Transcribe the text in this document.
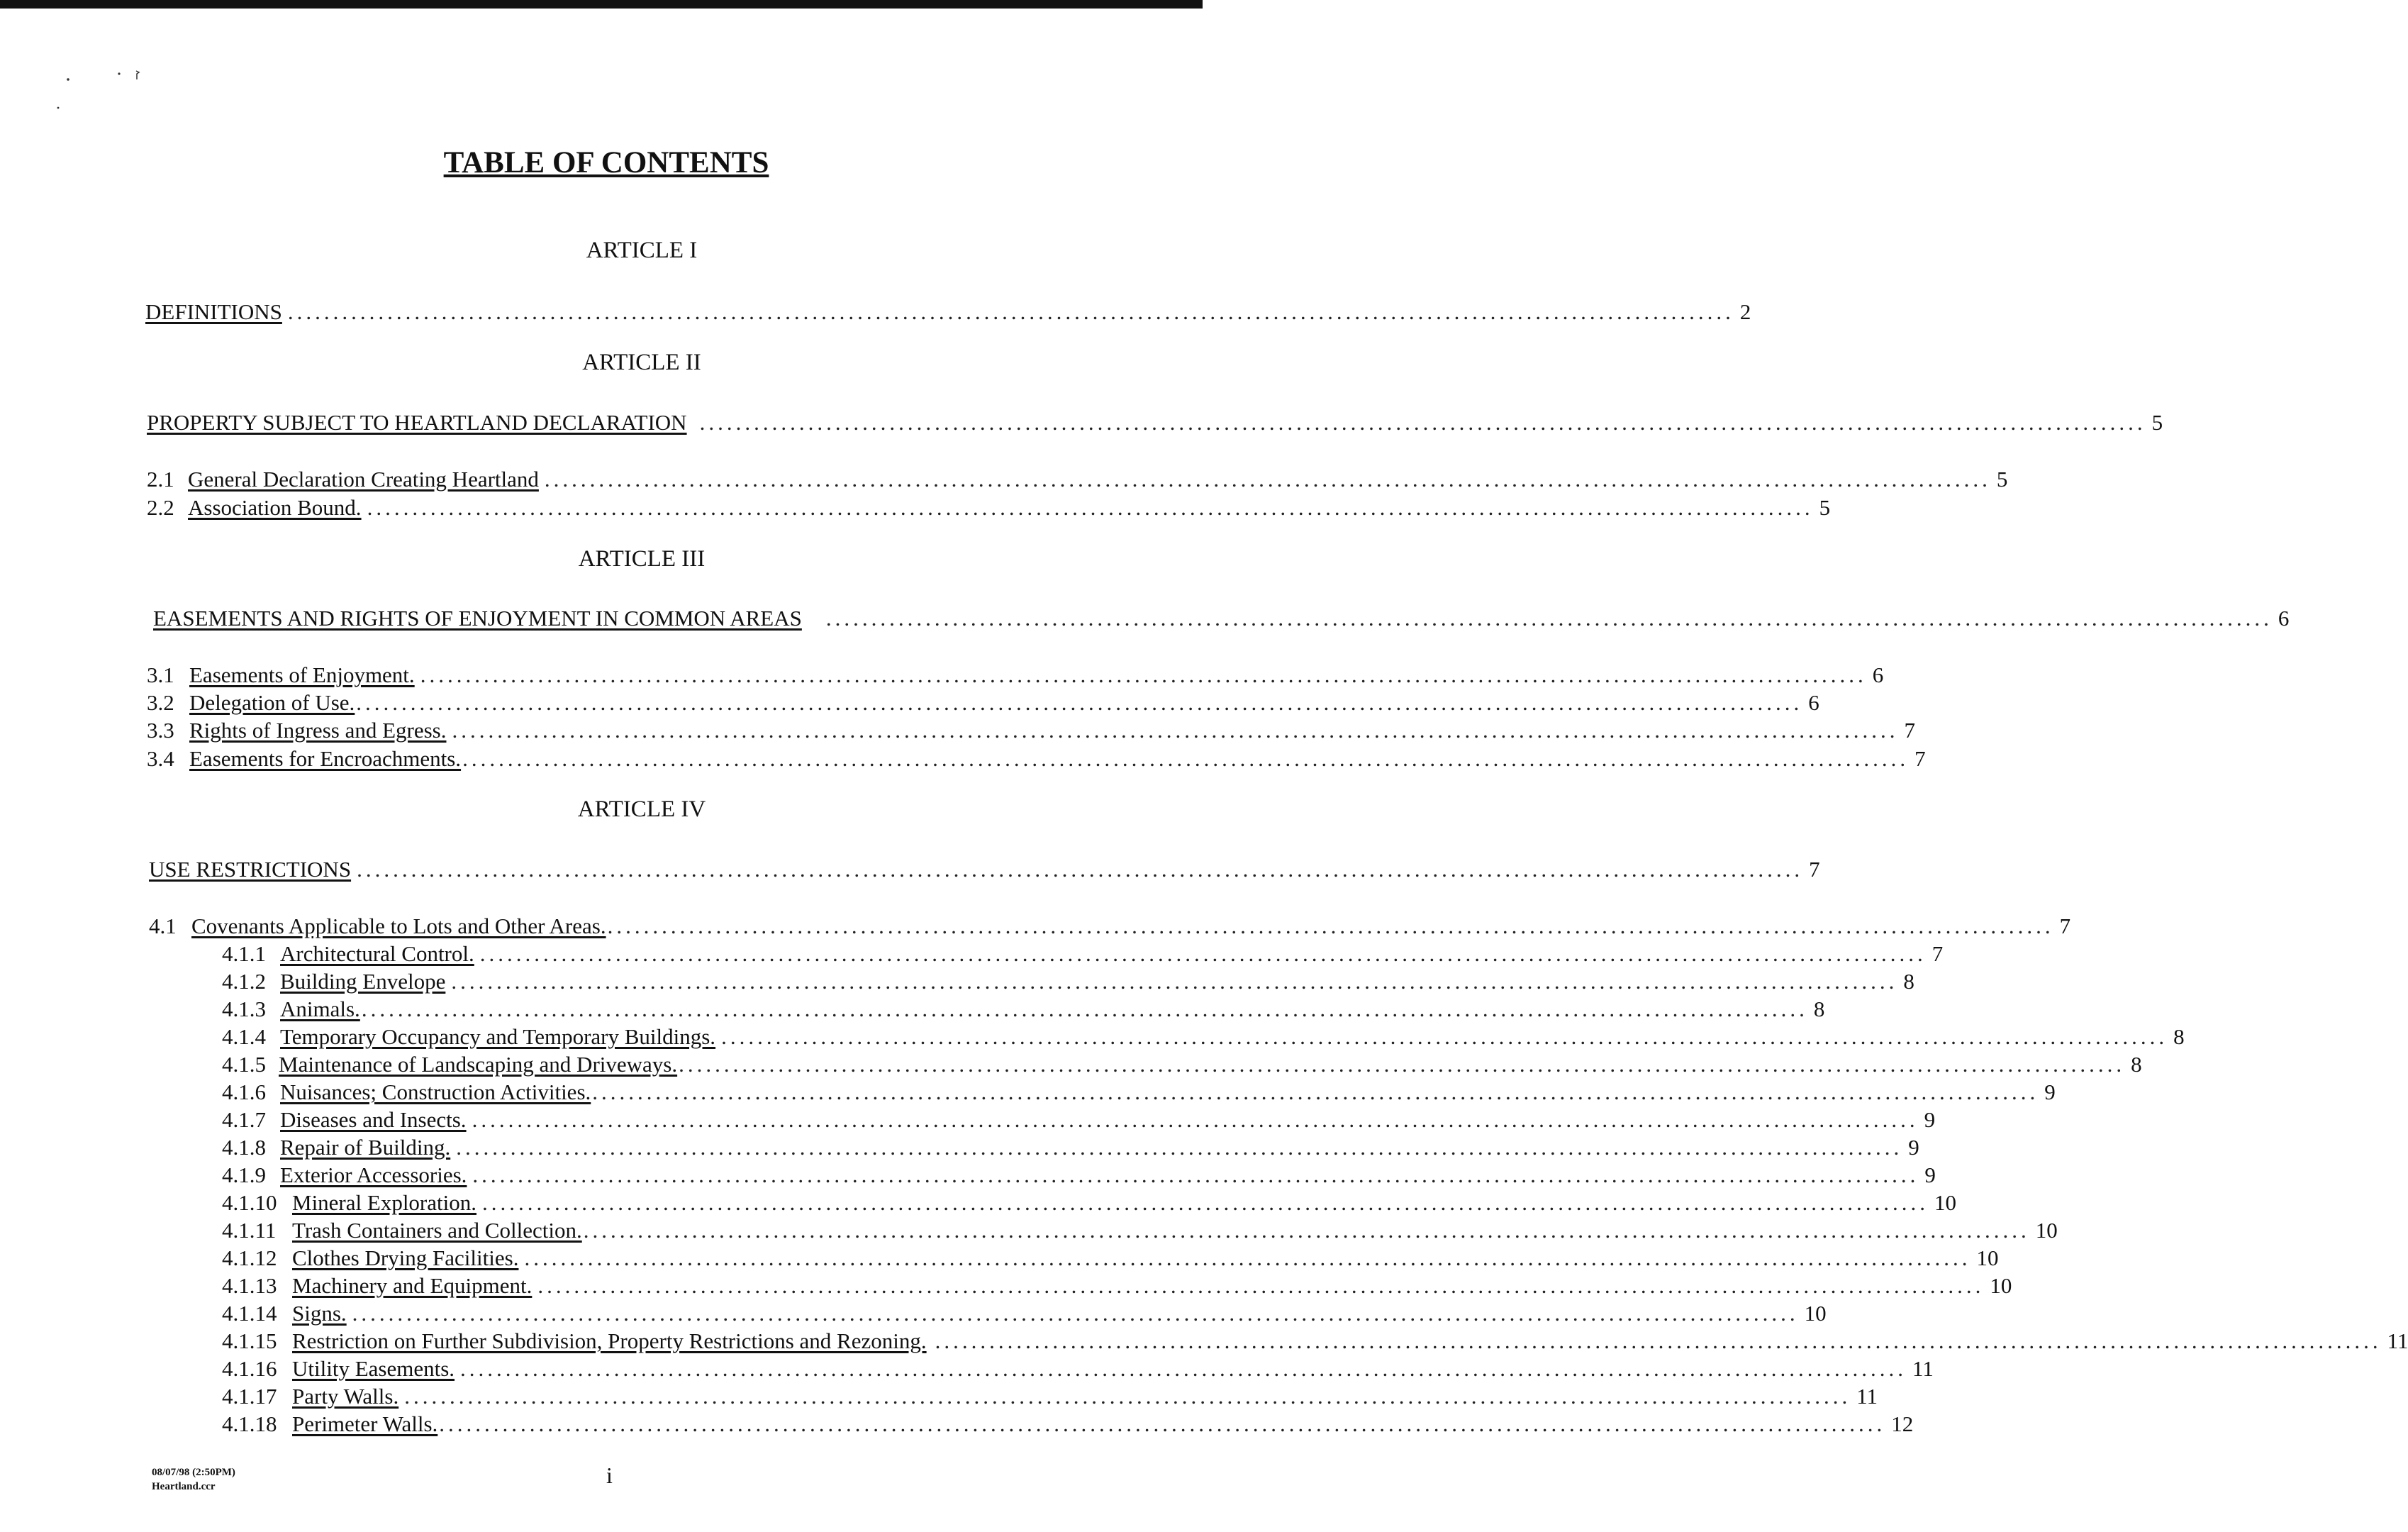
TABLE OF CONTENTS
ARTICLE I
DEFINITIONS ................................................................................................................................................................ 2
ARTICLE II
PROPERTY SUBJECT TO HEARTLAND DECLARATION ................................................................................................................................................................ 5
2.1 General Declaration Creating Heartland ................................................................................................................................................................ 5
2.2 Association Bound. ................................................................................................................................................................ 5
ARTICLE III
EASEMENTS AND RIGHTS OF ENJOYMENT IN COMMON AREAS ................................................................................................................................................................ 6
3.1 Easements of Enjoyment. ................................................................................................................................................................ 6
3.2 Delegation of Use. ................................................................................................................................................................ 6
3.3 Rights of Ingress and Egress. ................................................................................................................................................................ 7
3.4 Easements for Encroachments. ................................................................................................................................................................ 7
ARTICLE IV
USE RESTRICTIONS ................................................................................................................................................................ 7
4.1 Covenants Applicable to Lots and Other Areas. ................................................................................................................................................................ 7
4.1.1 Architectural Control. ................................................................................................................................................................ 7
4.1.2 Building Envelope ................................................................................................................................................................ 8
4.1.3 Animals. ................................................................................................................................................................ 8
4.1.4 Temporary Occupancy and Temporary Buildings. ................................................................................................................................................................ 8
4.1.5 Maintenance of Landscaping and Driveways. ................................................................................................................................................................ 8
4.1.6 Nuisances; Construction Activities. ................................................................................................................................................................ 9
4.1.7 Diseases and Insects. ................................................................................................................................................................ 9
4.1.8 Repair of Building. ................................................................................................................................................................ 9
4.1.9 Exterior Accessories. ................................................................................................................................................................ 9
4.1.10 Mineral Exploration. ................................................................................................................................................................ 10
4.1.11 Trash Containers and Collection. ................................................................................................................................................................ 10
4.1.12 Clothes Drying Facilities. ................................................................................................................................................................ 10
4.1.13 Machinery and Equipment. ................................................................................................................................................................ 10
4.1.14 Signs. ................................................................................................................................................................ 10
4.1.15 Restriction on Further Subdivision, Property Restrictions and Rezoning. ................................................................................................................................................................ 11
4.1.16 Utility Easements. ................................................................................................................................................................ 11
4.1.17 Party Walls. ................................................................................................................................................................ 11
4.1.18 Perimeter Walls. ................................................................................................................................................................ 12
08/07/98 (2:50PM)
Heartland.ccr	i
